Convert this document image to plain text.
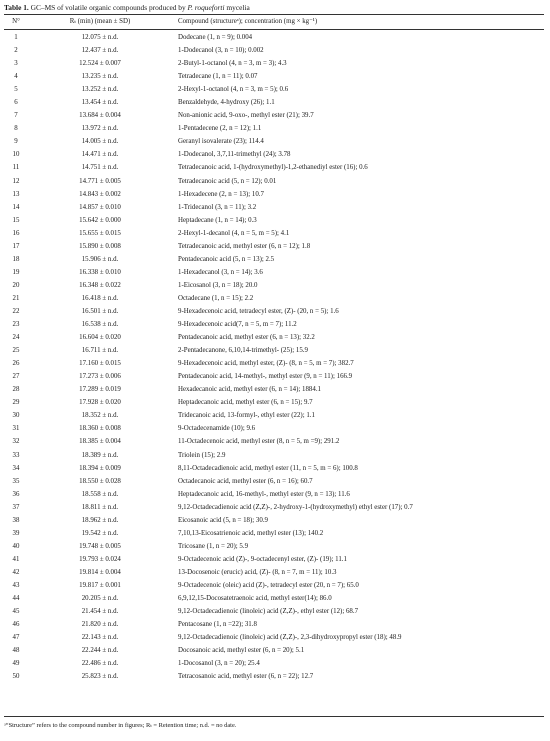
Table 1. GC–MS of volatile organic compounds produced by P. roqueforti mycelia
N°	Rₜ (min) (mean ± SD)	Compound (structureᵃ); concentration (mg × kg⁻¹)
1	12.075 ± n.d.	Dodecane (1, n = 9); 0.004
2	12.437 ± n.d.	1-Dodecanol (3, n = 10); 0.002
3	12.524 ± 0.007	2-Butyl-1-octanol (4, n = 3, m = 3); 4.3
4	13.235 ± n.d.	Tetradecane (1, n = 11); 0.07
5	13.252 ± n.d.	2-Hexyl-1-octanol (4, n = 3, m = 5); 0.6
6	13.454 ± n.d.	Benzaldehyde, 4-hydroxy (26); 1.1
7	13.684 ± 0.004	Non-anionic acid, 9-oxo-, methyl ester (21); 39.7
8	13.972 ± n.d.	1-Pentadecene (2, n = 12); 1.1
9	14.005 ± n.d.	Geranyl isovalerate (23); 114.4
10	14.471 ± n.d.	1-Dodecanol, 3,7,11-trimethyl (24); 3.78
11	14.751 ± n.d.	Tetradecanoic acid, 1-(hydroxymethyl)-1,2-ethanediyl ester (16); 0.6
12	14.771 ± 0.005	Tetradecanoic acid (5, n = 12); 0.01
13	14.843 ± 0.002	1-Hexadecene (2, n = 13); 10.7
14	14.857 ± 0.010	1-Tridecanol (3, n = 11); 3.2
15	15.642 ± 0.000	Heptadecane (1, n = 14); 0.3
16	15.655 ± 0.015	2-Hexyl-1-decanol (4, n = 5, m = 5); 4.1
17	15.890 ± 0.008	Tetradecanoic acid, methyl ester (6, n = 12); 1.8
18	15.906 ± n.d.	Pentadecanoic acid (5, n = 13); 2.5
19	16.338 ± 0.010	1-Hexadecanol (3, n = 14); 3.6
20	16.348 ± 0.022	1-Eicosanol (3, n = 18); 20.0
21	16.418 ± n.d.	Octadecane (1, n = 15); 2.2
22	16.501 ± n.d.	9-Hexadecenoic acid, tetradecyl ester, (Z)- (20, n = 5); 1.6
23	16.538 ± n.d.	9-Hexadecenoic acid(7, n = 5, m = 7); 11.2
24	16.604 ± 0.020	Pentadecanoic acid, methyl ester (6, n = 13); 32.2
25	16.711 ± n.d.	2-Pentadecanone, 6,10,14-trimethyl- (25); 15.9
26	17.160 ± 0.015	9-Hexadecenoic acid, methyl ester, (Z)- (8, n = 5, m = 7); 382.7
27	17.273 ± 0.006	Pentadecanoic acid, 14-methyl-, methyl ester (9, n = 11); 166.9
28	17.289 ± 0.019	Hexadecanoic acid, methyl ester (6, n = 14); 1884.1
29	17.928 ± 0.020	Heptadecanoic acid, methyl ester (6, n = 15); 9.7
30	18.352 ± n.d.	Tridecanoic acid, 13-formyl-, ethyl ester (22); 1.1
31	18.360 ± 0.008	9-Octadecenamide (10); 9.6
32	18.385 ± 0.004	11-Octadecenoic acid, methyl ester (8, n = 5, m =9); 291.2
33	18.389 ± n.d.	Triolein (15); 2.9
34	18.394 ± 0.009	8,11-Octadecadienoic acid, methyl ester (11, n = 5, m = 6); 100.8
35	18.550 ± 0.028	Octadecanoic acid, methyl ester (6, n = 16); 60.7
36	18.558 ± n.d.	Heptadecanoic acid, 16-methyl-, methyl ester (9, n = 13); 11.6
37	18.811 ± n.d.	9,12-Octadecadienoic acid (Z,Z)-, 2-hydroxy-1-(hydroxymethyl) ethyl ester (17); 0.7
38	18.962 ± n.d.	Eicosanoic acid (5, n = 18); 30.9
39	19.542 ± n.d.	7,10,13-Eicosatrienoic acid, methyl ester (13); 140.2
40	19.748 ± 0.005	Tricosane (1, n = 20); 5.9
41	19.793 ± 0.024	9-Octadecenoic acid (Z)-, 9-octadecenyl ester, (Z)- (19); 11.1
42	19.814 ± 0.004	13-Docosenoic (erucic) acid, (Z)- (8, n = 7, m = 11); 10.3
43	19.817 ± 0.001	9-Octadecenoic (oleic) acid (Z)-, tetradecyl ester (20, n = 7); 65.0
44	20.205 ± n.d.	6,9,12,15-Docosatetraenoic acid, methyl ester(14); 86.0
45	21.454 ± n.d.	9,12-Octadecadienoic (linoleic) acid (Z,Z)-, ethyl ester (12); 68.7
46	21.820 ± n.d.	Pentacosane (1, n =22); 31.8
47	22.143 ± n.d.	9,12-Octadecadienoic (linoleic) acid (Z,Z)-, 2,3-dihydroxypropyl ester (18); 48.9
48	22.244 ± n.d.	Docosanoic acid, methyl ester (6, n = 20); 5.1
49	22.486 ± n.d.	1-Docosanol (3, n = 20); 25.4
50	25.823 ± n.d.	Tetracosanoic acid, methyl ester (6, n = 22); 12.7
ᵃ“Structure” refers to the compound number in figures; Rₜ = Retention time; n.d. = no date.
